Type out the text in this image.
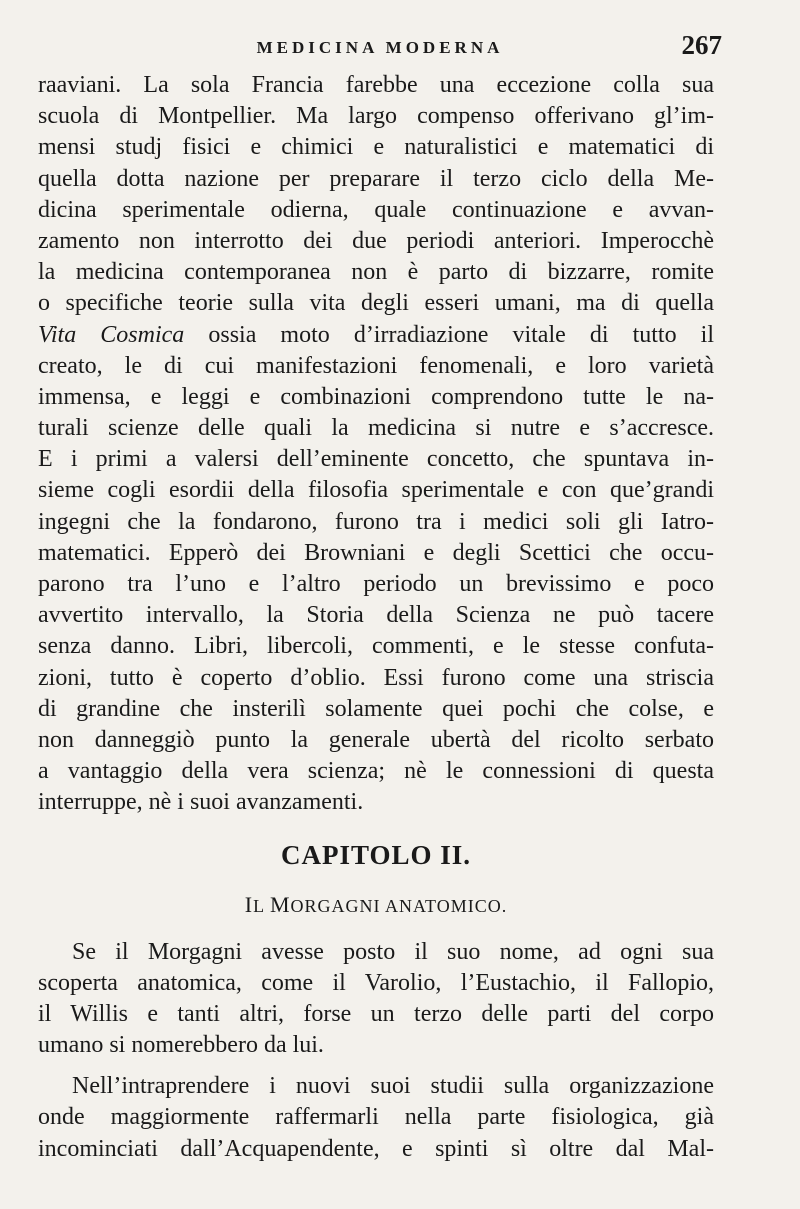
MEDICINA MODERNA	267
raaviani. La sola Francia farebbe una eccezione colla sua
scuola di Montpellier. Ma largo compenso offerivano gl’im-
mensi studj fisici e chimici e naturalistici e matematici di
quella dotta nazione per preparare il terzo ciclo della Me-
dicina sperimentale odierna, quale continuazione e avvan-
zamento non interrotto dei due periodi anteriori. Imperocchè
la medicina contemporanea non è parto di bizzarre, romite
o specifiche teorie sulla vita degli esseri umani, ma di quella
Vita Cosmica ossia moto d’irradiazione vitale di tutto il
creato, le di cui manifestazioni fenomenali, e loro varietà
immensa, e leggi e combinazioni comprendono tutte le na-
turali scienze delle quali la medicina si nutre e s’accresce.
E i primi a valersi dell’eminente concetto, che spuntava in-
sieme cogli esordii della filosofia sperimentale e con que’grandi
ingegni che la fondarono, furono tra i medici soli gli Iatro-
matematici. Epperò dei Browniani e degli Scettici che occu-
parono tra l’uno e l’altro periodo un brevissimo e poco
avvertito intervallo, la Storia della Scienza ne può tacere
senza danno. Libri, libercoli, commenti, e le stesse confuta-
zioni, tutto è coperto d’oblio. Essi furono come una striscia
di grandine che insterilì solamente quei pochi che colse, e
non danneggiò punto la generale ubertà del ricolto serbato
a vantaggio della vera scienza; nè le connessioni di questa
interruppe, nè i suoi avanzamenti.
CAPITOLO II.
IL MORGAGNI ANATOMICO.
Se il Morgagni avesse posto il suo nome, ad ogni sua
scoperta anatomica, come il Varolio, l’Eustachio, il Fallopio,
il Willis e tanti altri, forse un terzo delle parti del corpo
umano si nomerebbero da lui.
Nell’intraprendere i nuovi suoi studii sulla organizzazione
onde maggiormente raffermarli nella parte fisiologica, già
incominciati dall’Acquapendente, e spinti sì oltre dal Mal-
